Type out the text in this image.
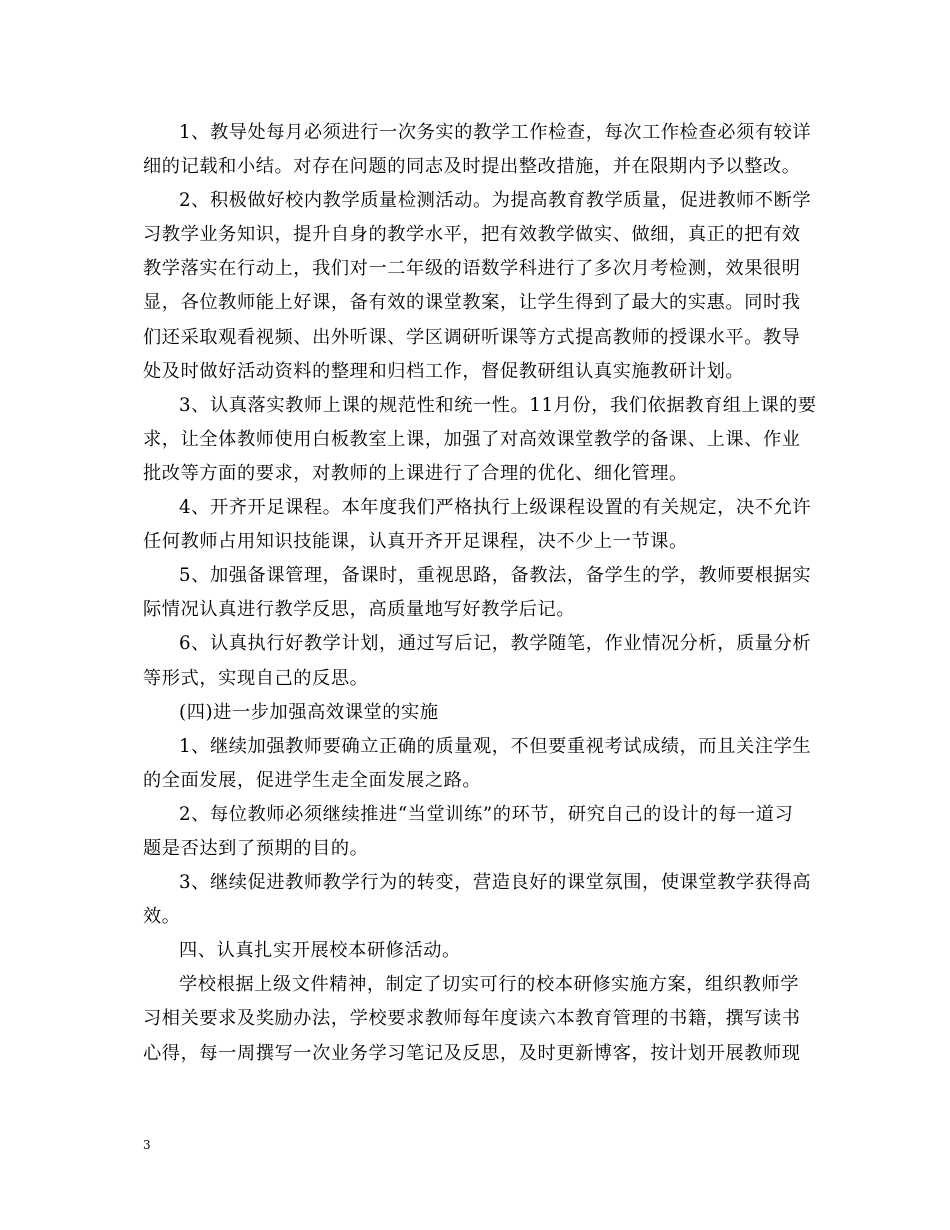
1、教导处每月必须进行一次务实的教学工作检查，每次工作检查必须有较详
细的记载和小结。对存在问题的同志及时提出整改措施，并在限期内予以整改。
2、积极做好校内教学质量检测活动。为提高教育教学质量，促进教师不断学
习教学业务知识，提升自身的教学水平，把有效教学做实、做细，真正的把有效
教学落实在行动上，我们对一二年级的语数学科进行了多次月考检测，效果很明
显，各位教师能上好课，备有效的课堂教案，让学生得到了最大的实惠。同时我
们还采取观看视频、出外听课、学区调研听课等方式提高教师的授课水平。教导
处及时做好活动资料的整理和归档工作，督促教研组认真实施教研计划。
3、认真落实教师上课的规范性和统一性。11月份，我们依据教育组上课的要
求，让全体教师使用白板教室上课，加强了对高效课堂教学的备课、上课、作业
批改等方面的要求，对教师的上课进行了合理的优化、细化管理。
4、开齐开足课程。本年度我们严格执行上级课程设置的有关规定，决不允许
任何教师占用知识技能课，认真开齐开足课程，决不少上一节课。
5、加强备课管理，备课时，重视思路，备教法，备学生的学，教师要根据实
际情况认真进行教学反思，高质量地写好教学后记。
6、认真执行好教学计划，通过写后记，教学随笔，作业情况分析，质量分析
等形式，实现自己的反思。
(四)进一步加强高效课堂的实施
1、继续加强教师要确立正确的质量观，不但要重视考试成绩，而且关注学生
的全面发展，促进学生走全面发展之路。
2、每位教师必须继续推进“当堂训练”的环节，研究自己的设计的每一道习
题是否达到了预期的目的。
3、继续促进教师教学行为的转变，营造良好的课堂氛围，使课堂教学获得高
效。
四、认真扎实开展校本研修活动。
学校根据上级文件精神，制定了切实可行的校本研修实施方案，组织教师学
习相关要求及奖励办法，学校要求教师每年度读六本教育管理的书籍，撰写读书
心得，每一周撰写一次业务学习笔记及反思，及时更新博客，按计划开展教师现
3
